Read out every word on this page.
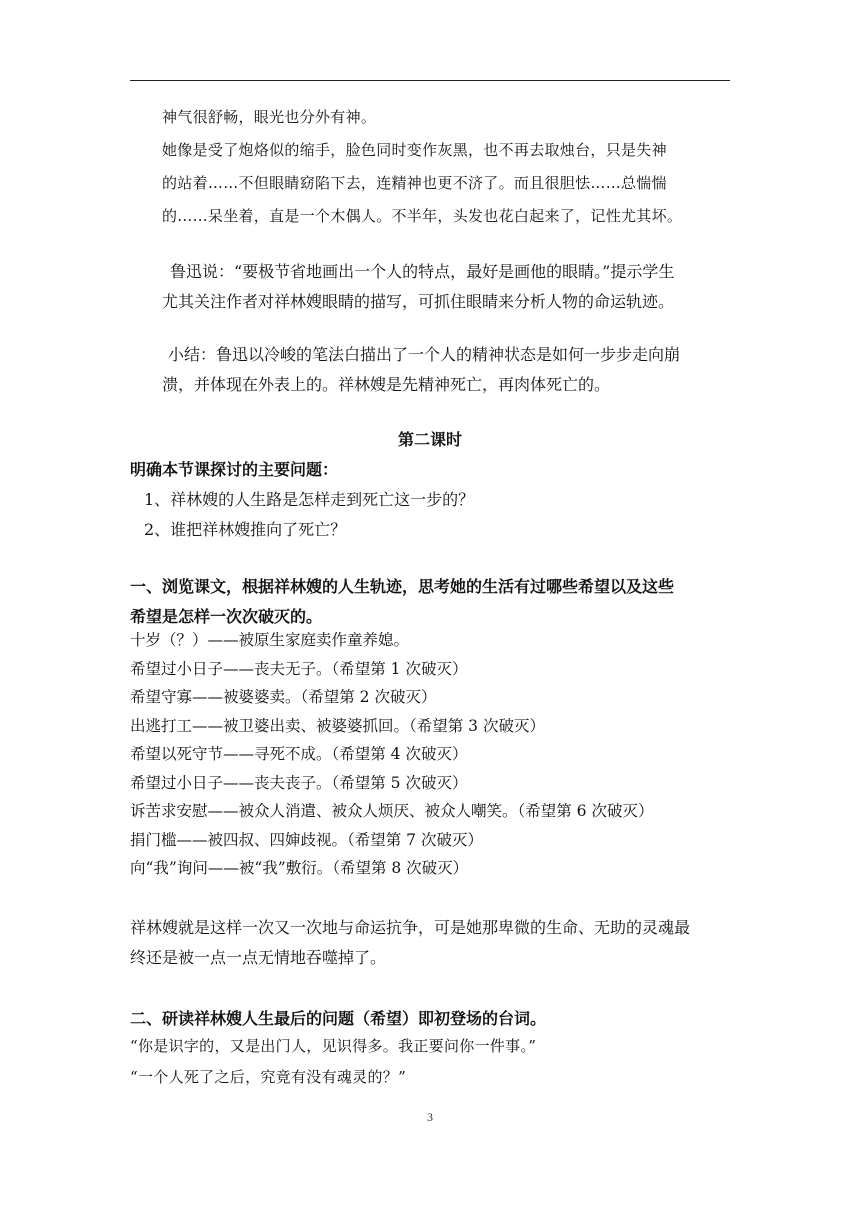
神气很舒畅，眼光也分外有神。
她像是受了炮烙似的缩手，脸色同时变作灰黑，也不再去取烛台，只是失神
的站着……不但眼睛窈陷下去，连精神也更不济了。而且很胆怯……总惴惴
的……呆坐着，直是一个木偶人。不半年，头发也花白起来了，记性尤其坏。
鲁迅说：“要极节省地画出一个人的特点，最好是画他的眼睛。”提示学生
尤其关注作者对祥林嫂眼睛的描写，可抓住眼睛来分析人物的命运轨迹。
小结：鲁迅以冷峻的笔法白描出了一个人的精神状态是如何一步步走向崩
溃，并体现在外表上的。祥林嫂是先精神死亡，再肉体死亡的。
第二课时
明确本节课探讨的主要问题：
1、祥林嫂的人生路是怎样走到死亡这一步的？
2、谁把祥林嫂推向了死亡？
一、浏览课文，根据祥林嫂的人生轨迹，思考她的生活有过哪些希望以及这些
希望是怎样一次次破灭的。
十岁（？）——被原生家庭卖作童养媳。
希望过小日子——丧夫无子。（希望第 1 次破灭）
希望守寡——被婆婆卖。（希望第 2 次破灭）
出逃打工——被卫婆出卖、被婆婆抓回。（希望第 3 次破灭）
希望以死守节——寻死不成。（希望第 4 次破灭）
希望过小日子——丧夫丧子。（希望第 5 次破灭）
诉苦求安慰——被众人消遣、被众人烦厌、被众人嘲笑。（希望第 6 次破灭）
捐门槛——被四叔、四婶歧视。（希望第 7 次破灭）
向“我”询问——被“我”敷衍。（希望第 8 次破灭）
祥林嫂就是这样一次又一次地与命运抗争，可是她那卑微的生命、无助的灵魂最
终还是被一点一点无情地吞噬掉了。
二、研读祥林嫂人生最后的问题（希望）即初登场的台词。
“你是识字的，又是出门人，见识得多。我正要问你一件事。”
“一个人死了之后，究竟有没有魂灵的？”
3
